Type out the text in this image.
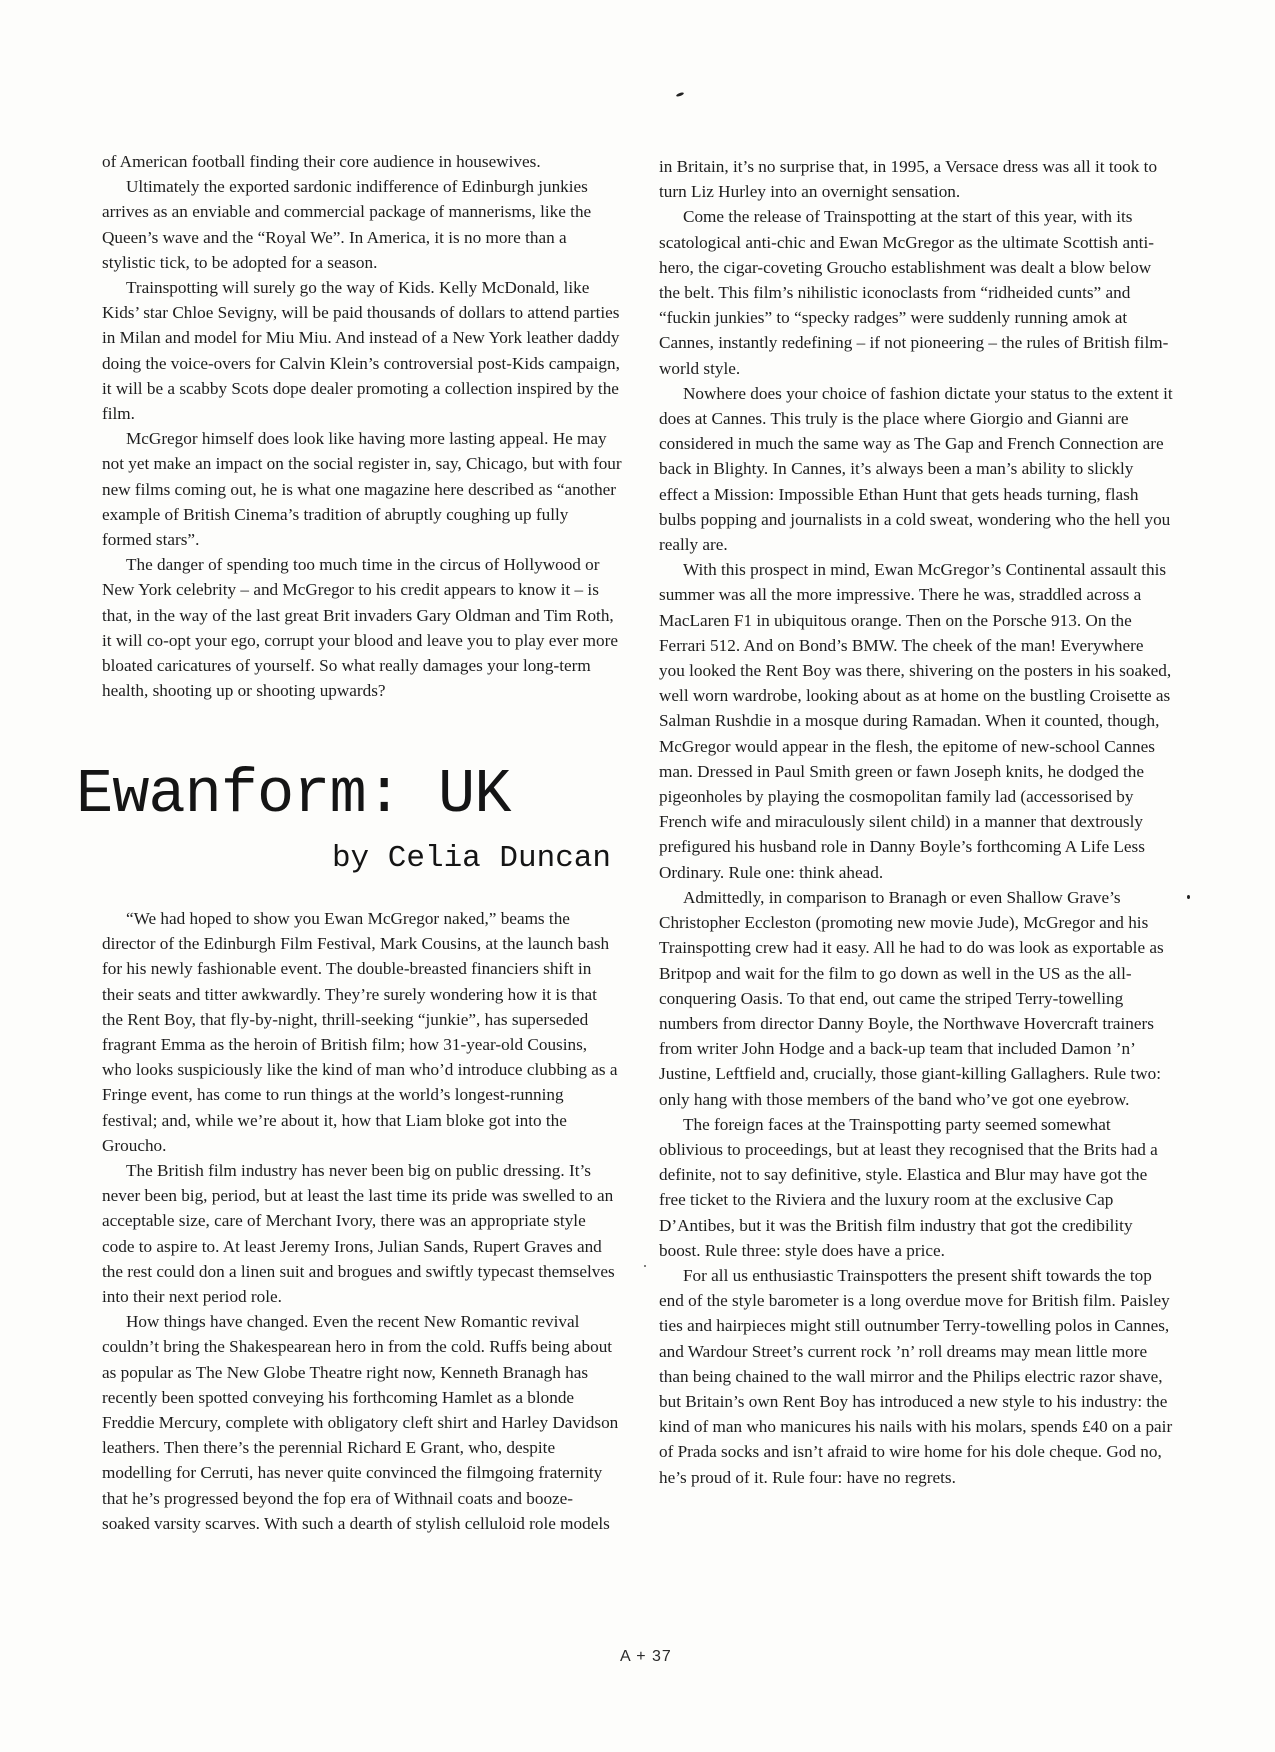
of American football finding their core audience in housewives.

Ultimately the exported sardonic indifference of Edinburgh junkies arrives as an enviable and commercial package of mannerisms, like the Queen’s wave and the “Royal We”. In America, it is no more than a stylistic tick, to be adopted for a season.

Trainspotting will surely go the way of Kids. Kelly McDonald, like Kids’ star Chloe Sevigny, will be paid thousands of dollars to attend parties in Milan and model for Miu Miu. And instead of a New York leather daddy doing the voice-overs for Calvin Klein’s controversial post-Kids campaign, it will be a scabby Scots dope dealer promoting a collection inspired by the film.

McGregor himself does look like having more lasting appeal. He may not yet make an impact on the social register in, say, Chicago, but with four new films coming out, he is what one magazine here described as “another example of British Cinema’s tradition of abruptly coughing up fully formed stars”.

The danger of spending too much time in the circus of Hollywood or New York celebrity – and McGregor to his credit appears to know it – is that, in the way of the last great Brit invaders Gary Oldman and Tim Roth, it will co-opt your ego, corrupt your blood and leave you to play ever more bloated caricatures of yourself. So what really damages your long-term health, shooting up or shooting upwards?

Ewanform: UK
by Celia Duncan

“We had hoped to show you Ewan McGregor naked,” beams the director of the Edinburgh Film Festival, Mark Cousins, at the launch bash for his newly fashionable event. The double-breasted financiers shift in their seats and titter awkwardly. They’re surely wondering how it is that the Rent Boy, that fly-by-night, thrill-seeking “junkie”, has superseded fragrant Emma as the heroin of British film; how 31-year-old Cousins, who looks suspiciously like the kind of man who’d introduce clubbing as a Fringe event, has come to run things at the world’s longest-running festival; and, while we’re about it, how that Liam bloke got into the Groucho.

The British film industry has never been big on public dressing. It’s never been big, period, but at least the last time its pride was swelled to an acceptable size, care of Merchant Ivory, there was an appropriate style code to aspire to. At least Jeremy Irons, Julian Sands, Rupert Graves and the rest could don a linen suit and brogues and swiftly typecast themselves into their next period role.

How things have changed. Even the recent New Romantic revival couldn’t bring the Shakespearean hero in from the cold. Ruffs being about as popular as The New Globe Theatre right now, Kenneth Branagh has recently been spotted conveying his forthcoming Hamlet as a blonde Freddie Mercury, complete with obligatory cleft shirt and Harley Davidson leathers. Then there’s the perennial Richard E Grant, who, despite modelling for Cerruti, has never quite convinced the filmgoing fraternity that he’s progressed beyond the fop era of Withnail coats and booze-soaked varsity scarves. With such a dearth of stylish celluloid role models

in Britain, it’s no surprise that, in 1995, a Versace dress was all it took to turn Liz Hurley into an overnight sensation.

Come the release of Trainspotting at the start of this year, with its scatological anti-chic and Ewan McGregor as the ultimate Scottish anti-hero, the cigar-coveting Groucho establishment was dealt a blow below the belt. This film’s nihilistic iconoclasts from “ridheided cunts” and “fuckin junkies” to “specky radges” were suddenly running amok at Cannes, instantly redefining – if not pioneering – the rules of British film-world style.

Nowhere does your choice of fashion dictate your status to the extent it does at Cannes. This truly is the place where Giorgio and Gianni are considered in much the same way as The Gap and French Connection are back in Blighty. In Cannes, it’s always been a man’s ability to slickly effect a Mission: Impossible Ethan Hunt that gets heads turning, flash bulbs popping and journalists in a cold sweat, wondering who the hell you really are.

With this prospect in mind, Ewan McGregor’s Continental assault this summer was all the more impressive. There he was, straddled across a MacLaren F1 in ubiquitous orange. Then on the Porsche 913. On the Ferrari 512. And on Bond’s BMW. The cheek of the man! Everywhere you looked the Rent Boy was there, shivering on the posters in his soaked, well worn wardrobe, looking about as at home on the bustling Croisette as Salman Rushdie in a mosque during Ramadan. When it counted, though, McGregor would appear in the flesh, the epitome of new-school Cannes man. Dressed in Paul Smith green or fawn Joseph knits, he dodged the pigeonholes by playing the cosmopolitan family lad (accessorised by French wife and miraculously silent child) in a manner that dextrously prefigured his husband role in Danny Boyle’s forthcoming A Life Less Ordinary. Rule one: think ahead.

Admittedly, in comparison to Branagh or even Shallow Grave’s Christopher Eccleston (promoting new movie Jude), McGregor and his Trainspotting crew had it easy. All he had to do was look as exportable as Britpop and wait for the film to go down as well in the US as the all-conquering Oasis. To that end, out came the striped Terry-towelling numbers from director Danny Boyle, the Northwave Hovercraft trainers from writer John Hodge and a back-up team that included Damon ’n’ Justine, Leftfield and, crucially, those giant-killing Gallaghers. Rule two: only hang with those members of the band who’ve got one eyebrow.

The foreign faces at the Trainspotting party seemed somewhat oblivious to proceedings, but at least they recognised that the Brits had a definite, not to say definitive, style. Elastica and Blur may have got the free ticket to the Riviera and the luxury room at the exclusive Cap D’Antibes, but it was the British film industry that got the credibility boost. Rule three: style does have a price.

For all us enthusiastic Trainspotters the present shift towards the top end of the style barometer is a long overdue move for British film. Paisley ties and hairpieces might still outnumber Terry-towelling polos in Cannes, and Wardour Street’s current rock ’n’ roll dreams may mean little more than being chained to the wall mirror and the Philips electric razor shave, but Britain’s own Rent Boy has introduced a new style to his industry: the kind of man who manicures his nails with his molars, spends £40 on a pair of Prada socks and isn’t afraid to wire home for his dole cheque. God no, he’s proud of it. Rule four: have no regrets.

A + 37
